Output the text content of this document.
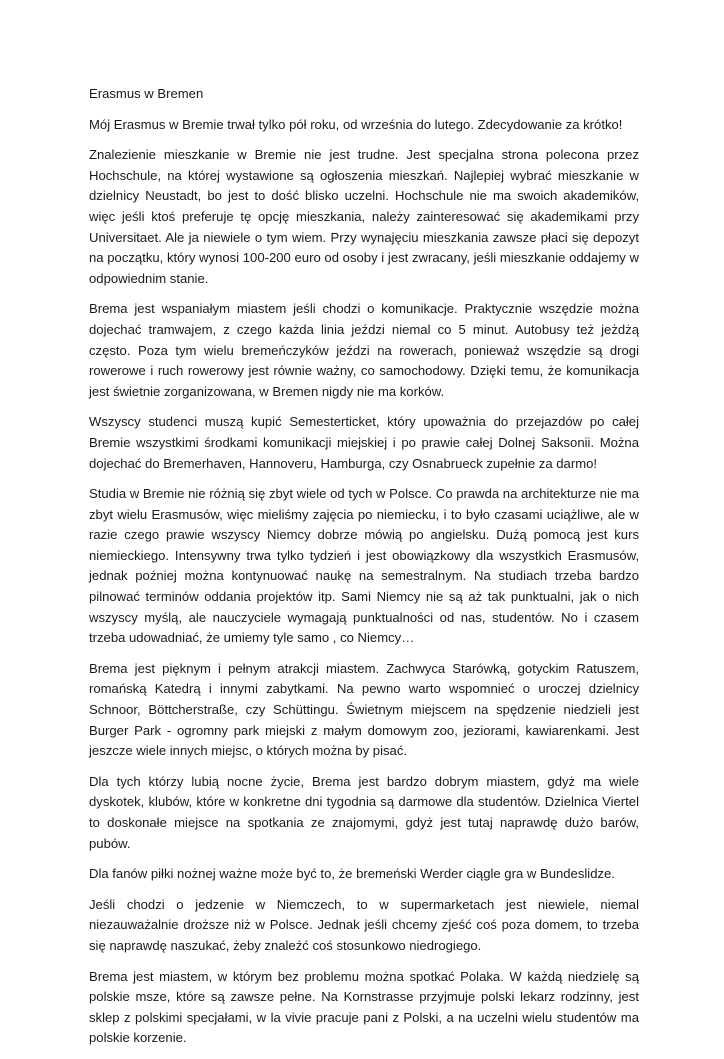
Erasmus w Bremen

Mój Erasmus w Bremie trwał tylko pół roku, od września do lutego. Zdecydowanie za krótko!

Znalezienie mieszkanie w Bremie nie jest trudne. Jest specjalna strona polecona przez Hochschule, na której wystawione są ogłoszenia mieszkań. Najlepiej wybrać mieszkanie w dzielnicy Neustadt, bo jest to dość blisko uczelni. Hochschule nie ma swoich akademików, więc jeśli ktoś preferuje tę opcję mieszkania, należy zainteresować się akademikami przy Universitaet. Ale ja niewiele o tym wiem. Przy wynajęciu mieszkania zawsze płaci się depozyt na początku, który wynosi 100-200 euro od osoby i jest zwracany, jeśli mieszkanie oddajemy w odpowiednim stanie.

Brema jest wspaniałym miastem jeśli chodzi o komunikacje. Praktycznie wszędzie można dojechać tramwajem, z czego każda linia jeździ niemal co 5 minut. Autobusy też jeżdżą często. Poza tym wielu bremeńczyków jeździ na rowerach, ponieważ wszędzie są drogi rowerowe i ruch rowerowy jest równie ważny, co samochodowy. Dzięki temu, że komunikacja jest świetnie zorganizowana, w Bremen nigdy nie ma korków.

Wszyscy studenci muszą kupić Semesterticket, który upoważnia do przejazdów po całej Bremie wszystkimi środkami komunikacji miejskiej i po prawie całej Dolnej Saksonii. Można dojechać do Bremerhaven, Hannoveru, Hamburga, czy Osnabrueck zupełnie za darmo!

Studia w Bremie nie różnią się zbyt wiele od tych w Polsce. Co prawda na architekturze nie ma zbyt wielu Erasmusów, więc mieliśmy zajęcia po niemiecku, i to było czasami uciążliwe, ale w razie czego prawie wszyscy Niemcy dobrze mówią po angielsku. Dużą pomocą jest kurs niemieckiego. Intensywny trwa tylko tydzień i jest obowiązkowy dla wszystkich Erasmusów, jednak poźniej można kontynuować naukę na semestralnym. Na studiach trzeba bardzo pilnować terminów oddania projektów itp. Sami Niemcy nie są aż tak punktualni, jak o nich wszyscy myślą, ale nauczyciele wymagają punktualności od nas, studentów. No i czasem trzeba udowadniać, że umiemy tyle samo , co Niemcy…

Brema jest pięknym i pełnym atrakcji miastem. Zachwyca Starówką, gotyckim Ratuszem, romańską Katedrą i innymi zabytkami. Na pewno warto wspomnieć o uroczej dzielnicy Schnoor, Böttcherstraße, czy Schüttingu. Świetnym miejscem na spędzenie niedzieli jest Burger Park - ogromny park miejski z małym domowym zoo, jeziorami, kawiarenkami. Jest jeszcze wiele innych miejsc, o których można by pisać.

Dla tych którzy lubią nocne życie, Brema jest bardzo dobrym miastem, gdyż ma wiele dyskotek, klubów, które w konkretne dni tygodnia są darmowe dla studentów. Dzielnica Viertel to doskonałe miejsce na spotkania ze znajomymi, gdyż jest tutaj naprawdę dużo barów, pubów.

Dla fanów piłki nożnej ważne może być to, że bremeński Werder ciągle gra w Bundeslidze.

Jeśli chodzi o jedzenie w Niemczech, to w supermarketach jest niewiele, niemal niezauważalnie droższe niż w Polsce. Jednak jeśli chcemy zjeść coś poza domem, to trzeba się naprawdę naszukać, żeby znaleźć coś stosunkowo niedrogiego.

Brema jest miastem, w którym bez problemu można spotkać Polaka. W każdą niedzielę są polskie msze, które są zawsze pełne. Na Kornstrasse przyjmuje polski lekarz rodzinny, jest sklep z polskimi specjałami, w la vivie pracuje pani z Polski, a na uczelni wielu studentów ma polskie korzenie.
